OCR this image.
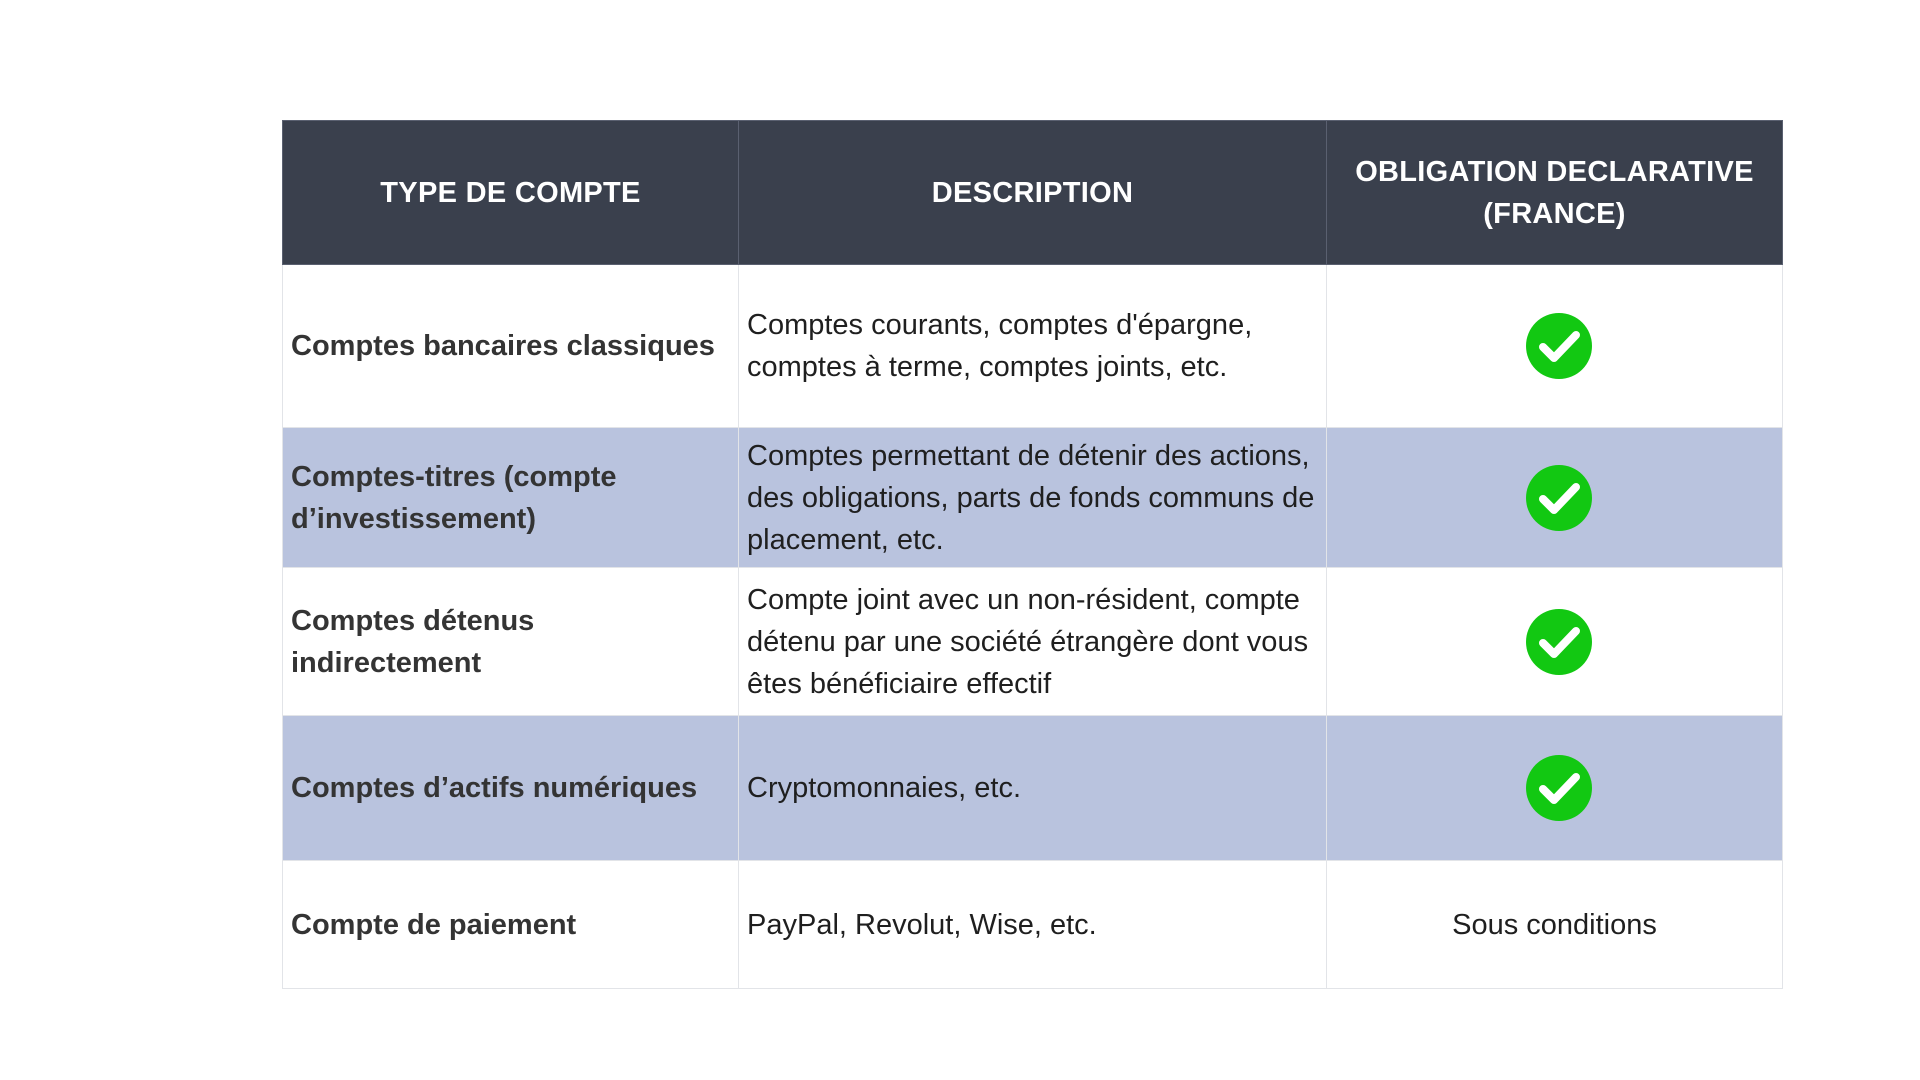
TYPE DE COMPTE	DESCRIPTION	OBLIGATION DECLARATIVE
(FRANCE)
Comptes bancaires classiques	Comptes courants, comptes d'épargne, comptes à terme, comptes joints, etc.	
Comptes-titres (compte d’investissement)	Comptes permettant de détenir des actions, des obligations, parts de fonds communs de placement, etc.	
Comptes détenus indirectement	Compte joint avec un non-résident, compte détenu par une société étrangère dont vous êtes bénéficiaire effectif	
Comptes d’actifs numériques	Cryptomonnaies, etc.	
Compte de paiement	PayPal, Revolut, Wise, etc.	Sous conditions
